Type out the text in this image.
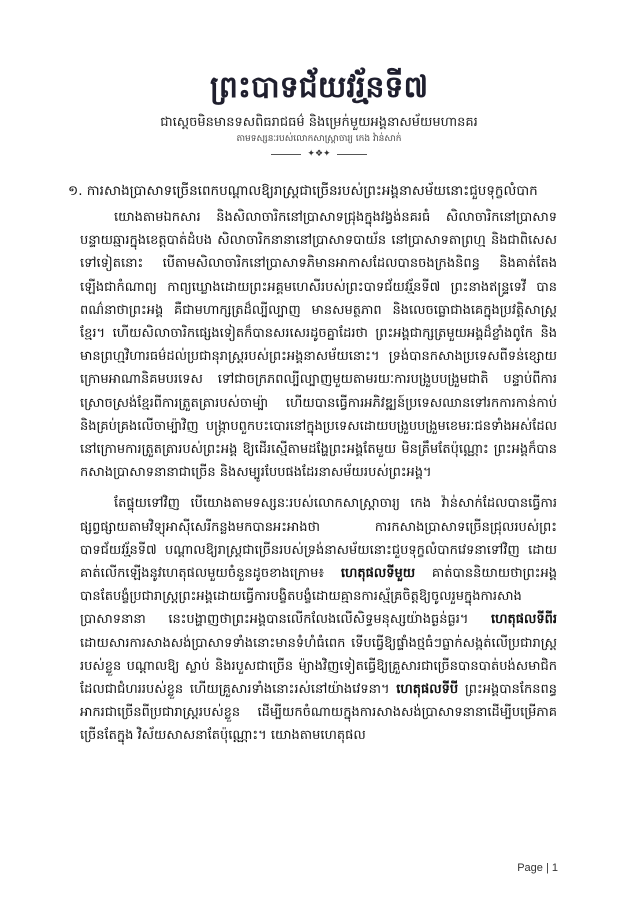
ព្រះបាទជ័យវរ្ម័នទី៧
ជាស្តេចមិនមានទសពិធរាជធម៌ និងម្រេក់មួយអង្គនាសម័យមហានគរ
តាមទស្សនៈរបស់លោកសាស្ត្រាចារ្យ កេង វ៉ាន់សាក់
✦❖✦
១. ការសាងប្រាសាទច្រើនពេកបណ្តាលឱ្យរាស្ត្រជាច្រើនរបស់ព្រះអង្គនាសម័យនោះជួបទុក្ខលំបាក

យោងតាមឯកសារ និងសិលាចារិកនៅប្រាសាទជ្រុងក្នុងវង្វង់នគរធំ សិលាចារិកនៅប្រាសាទបន្ទាយឆ្មារក្នុងខេត្តបាត់ដំបង សិលាចារិកនានានៅប្រាសាទបាយ័ន នៅប្រាសាទតាព្រហ្ម និងជាពិសេសទៅទៀតនោះ បើតាមសិលាចារិកនៅប្រាសាទភិមានអាកាសដែលបានចងក្រងនិពន្ធ និងគាត់តែងឡើងជាកំណាព្យ កាព្យឃ្លោងដោយព្រះអគ្គមហេសីរបស់ព្រះបាទជ័យវរ្ម័នទី៧ ព្រះនាងឥន្ទ្រទេវី បានពណ៌នាថាព្រះអង្គ គឺជាមហាក្សត្រដ៏ល្បីល្បាញ មានសមត្ថភាព និងលេចធ្លោជាងគេក្នុងប្រវត្តិសាស្ត្រខ្មែរ។ ហើយសិលាចារិកផ្សេងទៀតក៏បានសរសេរដូចគ្នាដែរថា ព្រះអង្គជាក្សត្រមួយអង្គដ៏ខ្លាំងពូកែ និងមានព្រហ្មវិហារធម៌ដល់ប្រជានុរាស្ត្ររបស់ព្រះអង្គនាសម័យនោះ។ ទ្រង់បានកសាងប្រទេសពីទន់ខ្សោយក្រោមអាណានិគមបរទេស ទៅជាចក្រភពល្បីល្បាញមួយតាមរយៈការបង្រួបបង្រួមជាតិ បន្ទាប់ពីការស្រោចស្រង់ខ្មែរពីការត្រួតត្រារបស់ចាម្ប៉ា ហើយបានធ្វើការអភិវឌ្ឍន៍ប្រទេសឈានទៅរកការកាន់កាប់ និងគ្រប់គ្រងលើចាម្ប៉ាវិញ បង្ក្រាបពួកបះបោរនៅក្នុងប្រទេសដោយបង្រួបបង្រួមខេមរៈជនទាំងអស់ដែលនៅក្រោមការត្រួតត្រារបស់ព្រះអង្គ ឱ្យដើរស្មើតាមដង្ហែព្រះអង្គតែមួយ មិនត្រឹមតែប៉ុណ្ណោះ ព្រះអង្គក៏បានកសាងប្រាសាទនានាជាច្រើន និងសម្បូរបែបផងដែរនាសម័យរបស់ព្រះអង្គ។

តែផ្ទុយទៅវិញ បើយោងតាមទស្សនៈរបស់លោកសាស្ត្រាចារ្យ កេង វ៉ាន់សាក់ដែលបានធ្វើការផ្សព្វផ្សាយតាមវិទ្យុអាស៊ីសេរីកន្លងមកបានអះអាងថា ការកសាងប្រាសាទច្រើនជ្រុលរបស់ព្រះបាទជ័យវរ្ម័នទី៧ បណ្តាលឱ្យរាស្ត្រជាច្រើនរបស់ទ្រង់នាសម័យនោះជួបទុក្ខលំបាកវេទនាទៅវិញ ដោយគាត់លើកឡើងនូវហេតុផលមួយចំនួនដូចខាងក្រោម៖ ហេតុផលទីមួយ គាត់បាននិយាយថាព្រះអង្គបានតែបង្ខំប្រជារាស្ត្រព្រះអង្គដោយធ្វើការបង្ខិតបង្ខំដោយគ្មានការស្ម័គ្រចិត្តឱ្យចូលរួមក្នុងការសាងប្រាសាទនានា នេះបង្ហាញថាព្រះអង្គបានលើកលែងលើសិទ្ធមនុស្សយ៉ាងធ្ងន់ធ្ងរ។ ហេតុផលទីពីរ ដោយសារការសាងសង់ប្រាសាទទាំងនោះមានទំហំធំពេក ទើបធ្វើឱ្យផ្ទាំងថ្មធំៗធ្លាក់សង្កត់លើប្រជារាស្ត្ររបស់ខ្លួន បណ្តាលឱ្យ ស្លាប់ និងរបួសជាច្រើន ម៉្យាងវិញទៀតធ្វើឱ្យគ្រួសារជាច្រើនបានបាត់បង់សមាជិកដែលជាជំហររបស់ខ្លួន ហើយគ្រួសារទាំងនោះរស់នៅយ៉ាងវេទនា។ ហេតុផលទីបី ព្រះអង្គបានកែនពន្ធអាករជាច្រើនពីប្រជារាស្ត្ររបស់ខ្លួន ដើម្បីយកចំណាយក្នុងការសាងសង់ប្រាសាទនានាដើម្បីបម្រើភាគច្រើនតែក្នុង វិស័យសាសនាតែប៉ុណ្ណោះ។ យោងតាមហេតុផល

Page | 1
